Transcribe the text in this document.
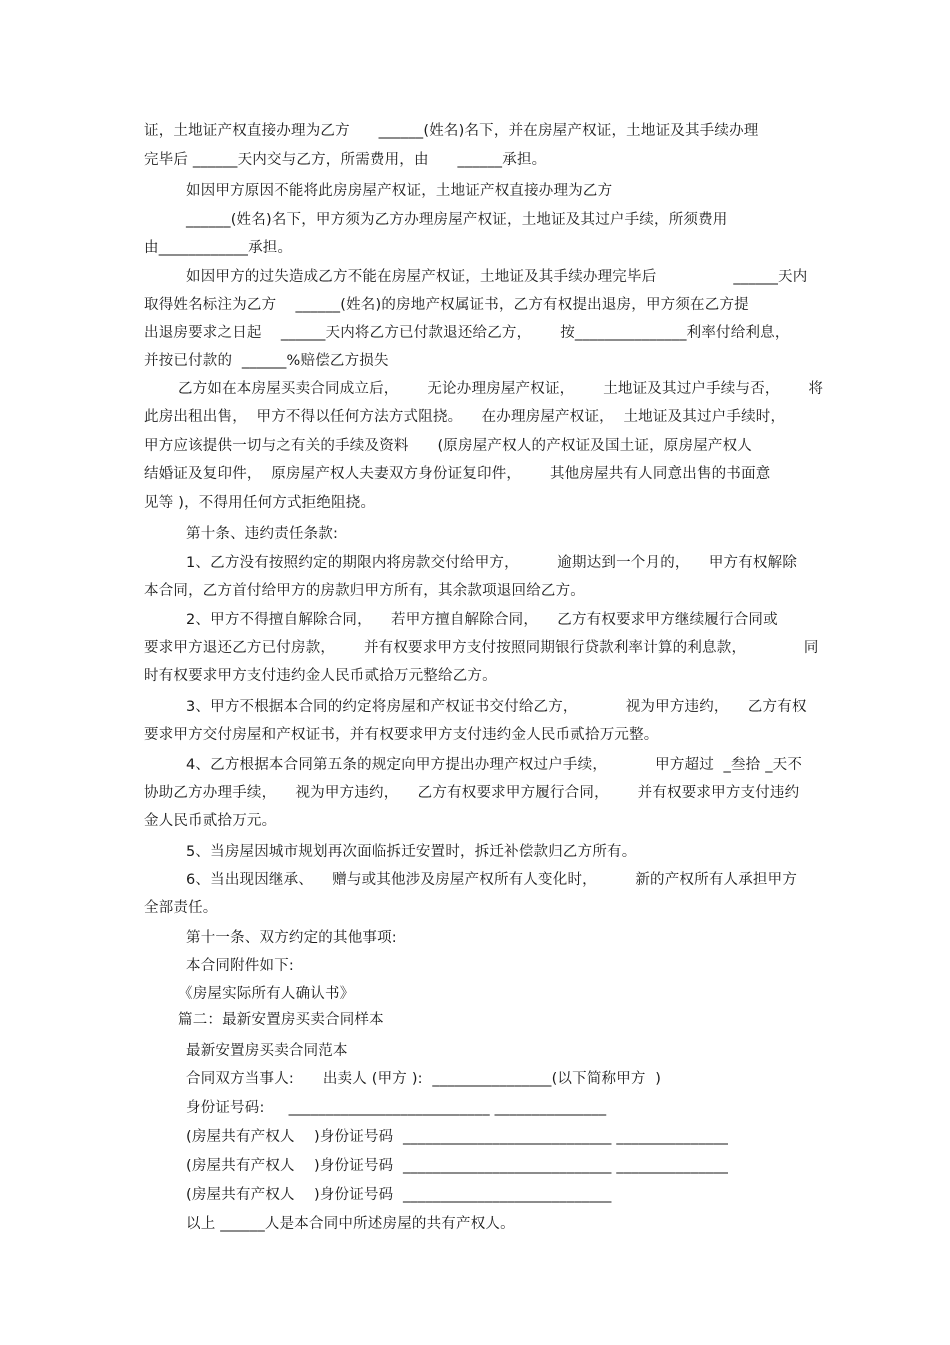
证，土地证产权直接办理为乙方      ______(姓名)名下，并在房屋产权证，土地证及其手续办理
完毕后 ______天内交与乙方，所需费用，由      ______承担。
如因甲方原因不能将此房房屋产权证，土地证产权直接办理为乙方
______(姓名)名下，甲方须为乙方办理房屋产权证，土地证及其过户手续，所须费用
由____________承担。
如因甲方的过失造成乙方不能在房屋产权证，土地证及其手续办理完毕后                ______天内
取得姓名标注为乙方    ______(姓名)的房地产权属证书，乙方有权提出退房，甲方须在乙方提
出退房要求之日起    ______天内将乙方已付款退还给乙方，      按_______________利率付给利息，
并按已付款的  ______%赔偿乙方损失
乙方如在本房屋买卖合同成立后，      无论办理房屋产权证，      土地证及其过户手续与否，      将
此房出租出售，  甲方不得以任何方法方式阻挠。    在办理房屋产权证，  土地证及其过户手续时，
甲方应该提供一切与之有关的手续及资料      (原房屋产权人的产权证及国土证，原房屋产权人
结婚证及复印件，  原房屋产权人夫妻双方身份证复印件，      其他房屋共有人同意出售的书面意
见等 )，不得用任何方式拒绝阻挠。
第十条、违约责任条款:
1、乙方没有按照约定的期限内将房款交付给甲方，        逾期达到一个月的，    甲方有权解除
本合同，乙方首付给甲方的房款归甲方所有，其余款项退回给乙方。
2、甲方不得擅自解除合同，    若甲方擅自解除合同，    乙方有权要求甲方继续履行合同或
要求甲方退还乙方已付房款，      并有权要求甲方支付按照同期银行贷款利率计算的利息款，            同
时有权要求甲方支付违约金人民币贰拾万元整给乙方。
3、甲方不根据本合同的约定将房屋和产权证书交付给乙方，          视为甲方违约，    乙方有权
要求甲方交付房屋和产权证书，并有权要求甲方支付违约金人民币贰拾万元整。
4、乙方根据本合同第五条的规定向甲方提出办理产权过户手续，          甲方超过  _叁拾 _天不
协助乙方办理手续，    视为甲方违约，    乙方有权要求甲方履行合同，      并有权要求甲方支付违约
金人民币贰拾万元。
5、当房屋因城市规划再次面临拆迁安置时，拆迁补偿款归乙方所有。
6、当出现因继承、    赠与或其他涉及房屋产权所有人变化时，        新的产权所有人承担甲方
全部责任。
第十一条、双方约定的其他事项:
本合同附件如下:
《房屋实际所有人确认书》
篇二：最新安置房买卖合同样本
最新安置房买卖合同范本
合同双方当事人:      出卖人 (甲方 ):  ________________(以下简称甲方  )
身份证号码:     ___________________________ _______________
(房屋共有产权人    )身份证号码  ____________________________ _______________
(房屋共有产权人    )身份证号码  ____________________________ _______________
(房屋共有产权人    )身份证号码  ____________________________
以上 ______人是本合同中所述房屋的共有产权人。
